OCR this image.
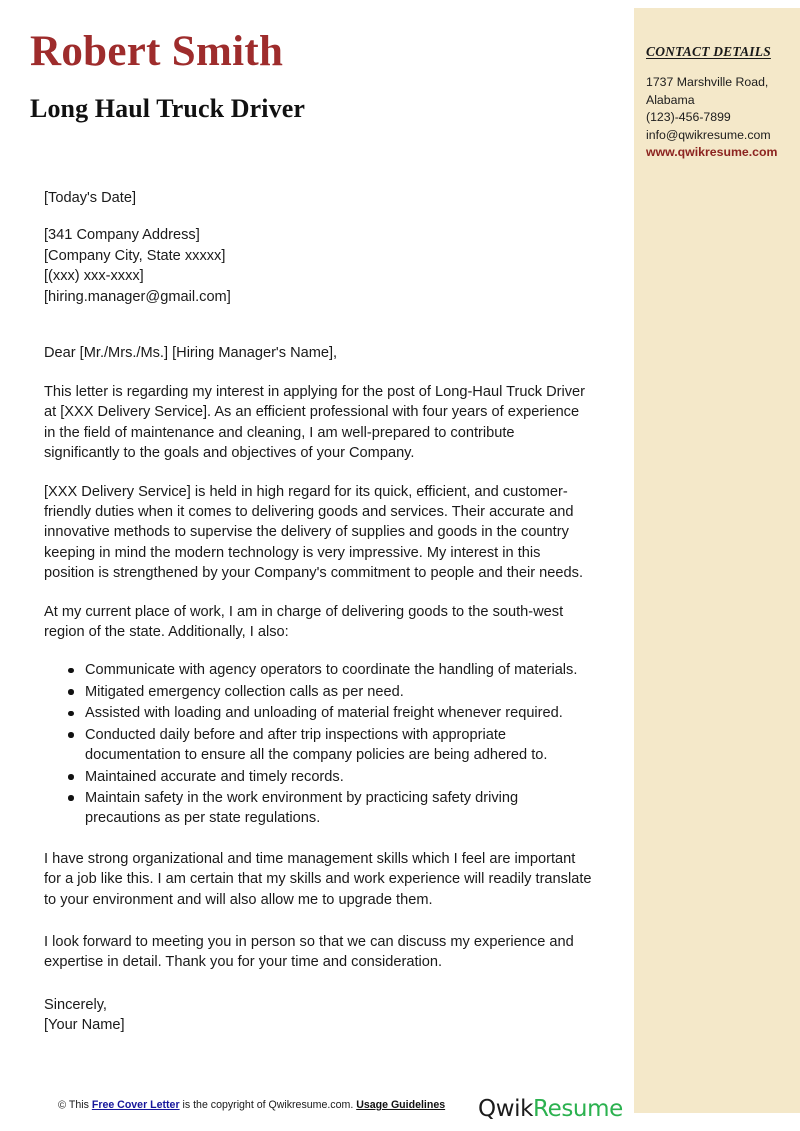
Robert Smith
Long Haul Truck Driver
[Today's Date]
[341 Company Address]
[Company City, State xxxxx]
[(xxx) xxx-xxxx]
[hiring.manager@gmail.com]
Dear [Mr./Mrs./Ms.] [Hiring Manager's Name],

This letter is regarding my interest in applying for the post of Long-Haul Truck Driver at [XXX Delivery Service]. As an efficient professional with four years of experience in the field of maintenance and cleaning, I am well-prepared to contribute significantly to the goals and objectives of your Company.

[XXX Delivery Service] is held in high regard for its quick, efficient, and customer-friendly duties when it comes to delivering goods and services. Their accurate and innovative methods to supervise the delivery of supplies and goods in the country keeping in mind the modern technology is very impressive. My interest in this position is strengthened by your Company's commitment to people and their needs.

At my current place of work, I am in charge of delivering goods to the south-west region of the state. Additionally, I also:

Communicate with agency operators to coordinate the handling of materials.
Mitigated emergency collection calls as per need.
Assisted with loading and unloading of material freight whenever required.
Conducted daily before and after trip inspections with appropriate documentation to ensure all the company policies are being adhered to.
Maintained accurate and timely records.
Maintain safety in the work environment by practicing safety driving precautions as per state regulations.

I have strong organizational and time management skills which I feel are important for a job like this. I am certain that my skills and work experience will readily translate to your environment and will also allow me to upgrade them.

I look forward to meeting you in person so that we can discuss my experience and expertise in detail. Thank you for your time and consideration.

Sincerely,
[Your Name]
© This Free Cover Letter is the copyright of Qwikresume.com. Usage Guidelines QwikResume
CONTACT DETAILS
1737 Marshville Road,
Alabama
(123)-456-7899
info@qwikresume.com
www.qwikresume.com
